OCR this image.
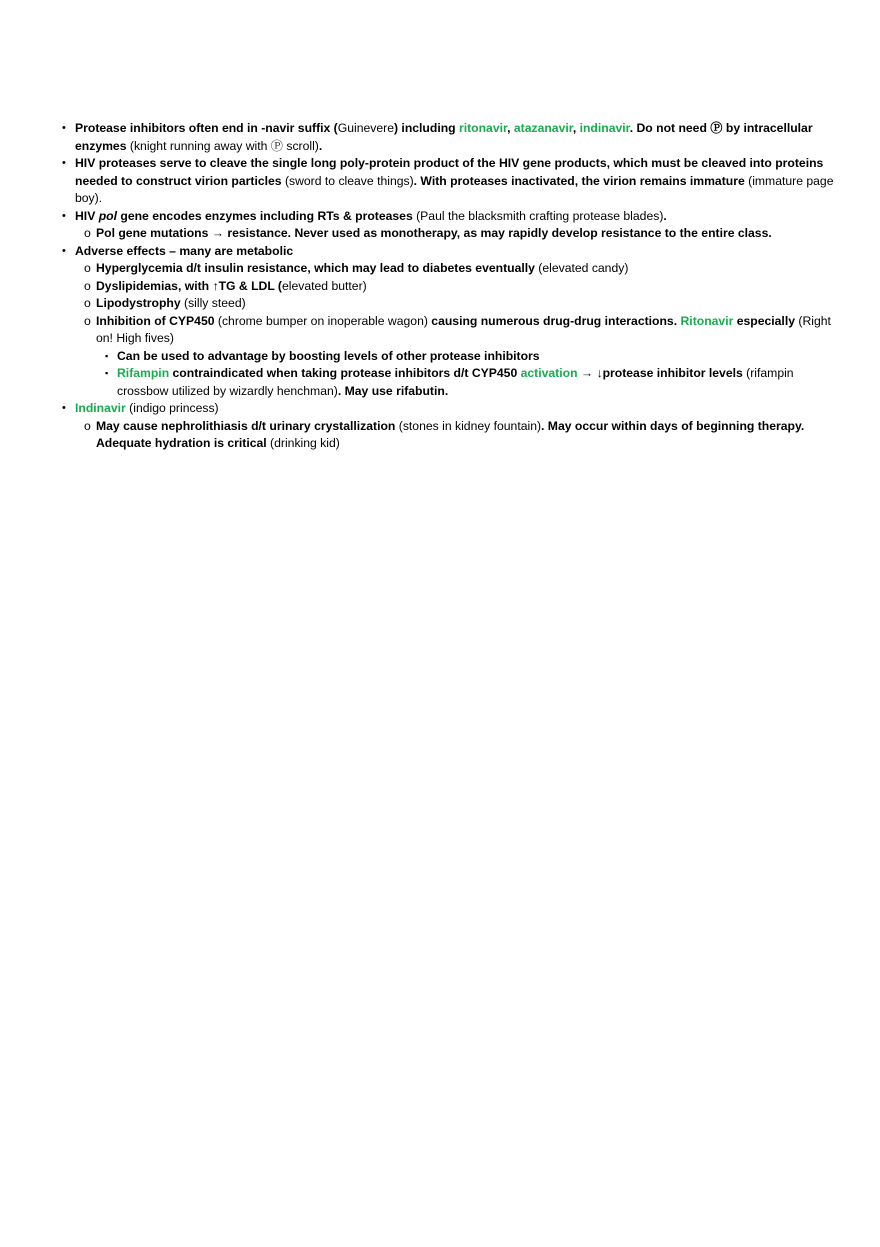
• Protease inhibitors often end in -navir suffix (Guinevere) including ritonavir, atazanavir, indinavir. Do not need Ⓟ by intracellular enzymes (knight running away with Ⓟ scroll).
• HIV proteases serve to cleave the single long poly-protein product of the HIV gene products, which must be cleaved into proteins needed to construct virion particles (sword to cleave things). With proteases inactivated, the virion remains immature (immature page boy).
• HIV pol gene encodes enzymes including RTs & proteases (Paul the blacksmith crafting protease blades).
o Pol gene mutations → resistance. Never used as monotherapy, as may rapidly develop resistance to the entire class.
• Adverse effects – many are metabolic
o Hyperglycemia d/t insulin resistance, which may lead to diabetes eventually (elevated candy)
o Dyslipidemias, with ↑TG & LDL (elevated butter)
o Lipodystrophy (silly steed)
o Inhibition of CYP450 (chrome bumper on inoperable wagon) causing numerous drug-drug interactions. Ritonavir especially (Right on! High fives)
▪ Can be used to advantage by boosting levels of other protease inhibitors
▪ Rifampin contraindicated when taking protease inhibitors d/t CYP450 activation → ↓protease inhibitor levels (rifampin crossbow utilized by wizardly henchman). May use rifabutin.
• Indinavir (indigo princess)
o May cause nephrolithiasis d/t urinary crystallization (stones in kidney fountain). May occur within days of beginning therapy. Adequate hydration is critical (drinking kid)
